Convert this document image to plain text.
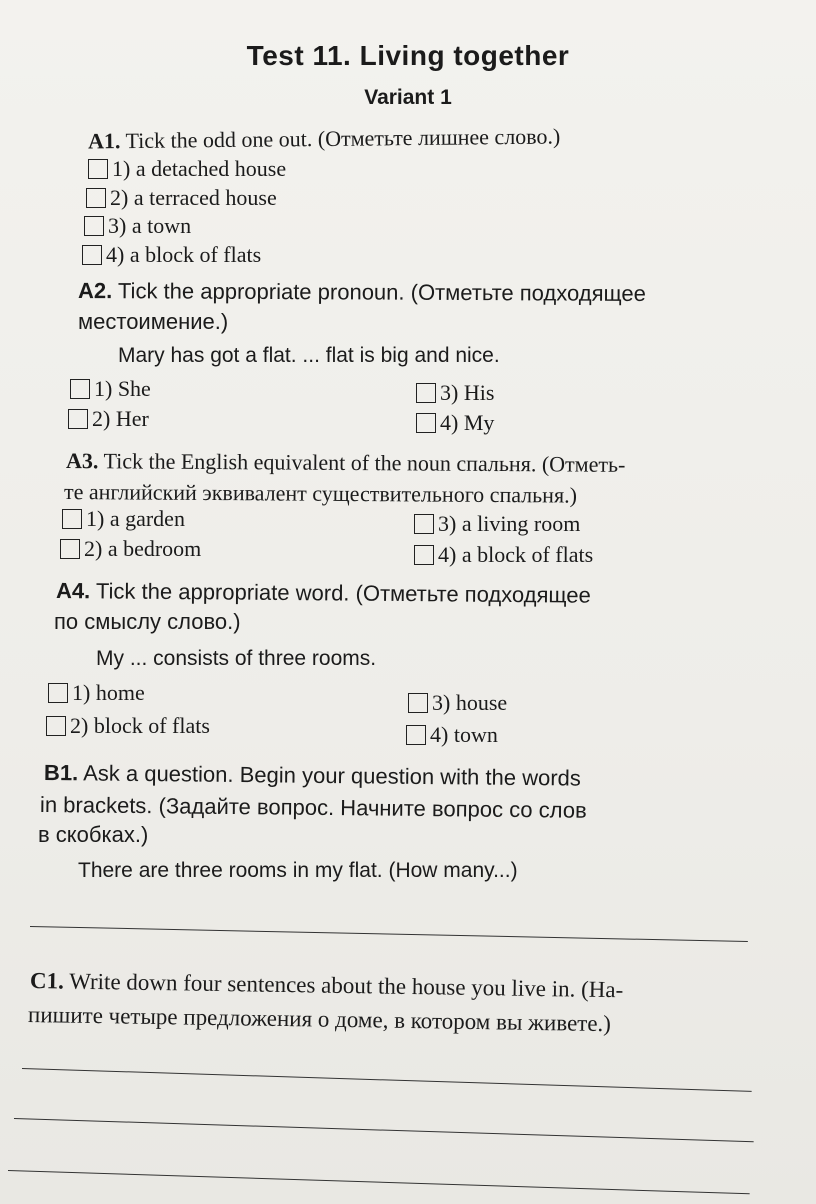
Test 11. Living together
Variant 1
A1. Tick the odd one out. (Отметьте лишнее слово.)
1) a detached house
2) a terraced house
3) a town
4) a block of flats
A2. Tick the appropriate pronoun. (Отметьте подходящее
местоимение.)
Mary has got a flat. ... flat is big and nice.
1) She
2) Her
3) His
4) My
A3. Tick the English equivalent of the noun спальня. (Отметь-
те английский эквивалент существительного спальня.)
1) a garden
2) a bedroom
3) a living room
4) a block of flats
A4. Tick the appropriate word. (Отметьте подходящее
по смыслу слово.)
My ... consists of three rooms.
1) home
2) block of flats
3) house
4) town
B1. Ask a question. Begin your question with the words
in brackets. (Задайте вопрос. Начните вопрос со слов
в скобках.)
There are three rooms in my flat. (How many...)
C1. Write down four sentences about the house you live in. (На-
пишите четыре предложения о доме, в котором вы живете.)
